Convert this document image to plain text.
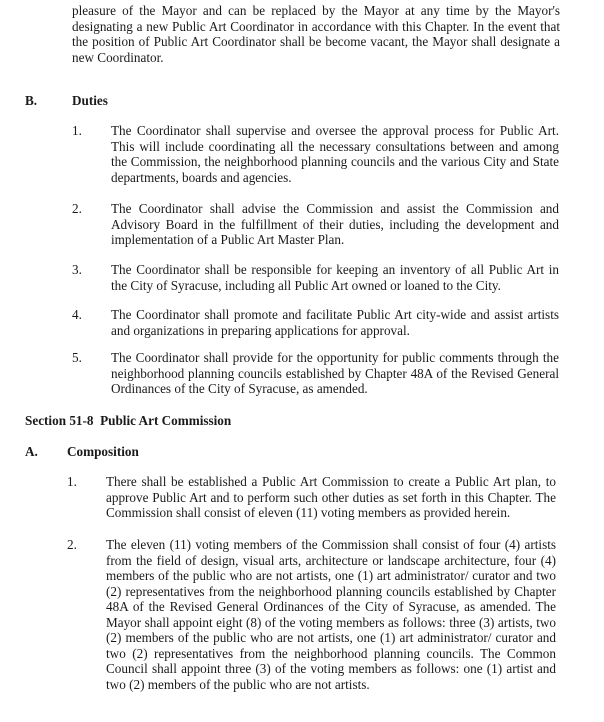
pleasure of the Mayor and can be replaced by the Mayor at any time by the Mayor's designating a new Public Art Coordinator in accordance with this Chapter. In the event that the position of Public Art Coordinator shall be become vacant, the Mayor shall designate a new Coordinator.
B.	Duties
1. The Coordinator shall supervise and oversee the approval process for Public Art. This will include coordinating all the necessary consultations between and among the Commission, the neighborhood planning councils and the various City and State departments, boards and agencies.
2. The Coordinator shall advise the Commission and assist the Commission and Advisory Board in the fulfillment of their duties, including the development and implementation of a Public Art Master Plan.
3. The Coordinator shall be responsible for keeping an inventory of all Public Art in the City of Syracuse, including all Public Art owned or loaned to the City.
4. The Coordinator shall promote and facilitate Public Art city-wide and assist artists and organizations in preparing applications for approval.
5. The Coordinator shall provide for the opportunity for public comments through the neighborhood planning councils established by Chapter 48A of the Revised General Ordinances of the City of Syracuse, as amended.
Section 51-8  Public Art Commission
A. Composition
1. There shall be established a Public Art Commission to create a Public Art plan, to approve Public Art and to perform such other duties as set forth in this Chapter. The Commission shall consist of eleven (11) voting members as provided herein.
2. The eleven (11) voting members of the Commission shall consist of four (4) artists from the field of design, visual arts, architecture or landscape architecture, four (4) members of the public who are not artists, one (1) art administrator/ curator and two (2) representatives from the neighborhood planning councils established by Chapter 48A of the Revised General Ordinances of the City of Syracuse, as amended. The Mayor shall appoint eight (8) of the voting members as follows: three (3) artists, two (2) members of the public who are not artists, one (1) art administrator/ curator and two (2) representatives from the neighborhood planning councils. The Common Council shall appoint three (3) of the voting members as follows: one (1) artist and two (2) members of the public who are not artists.
